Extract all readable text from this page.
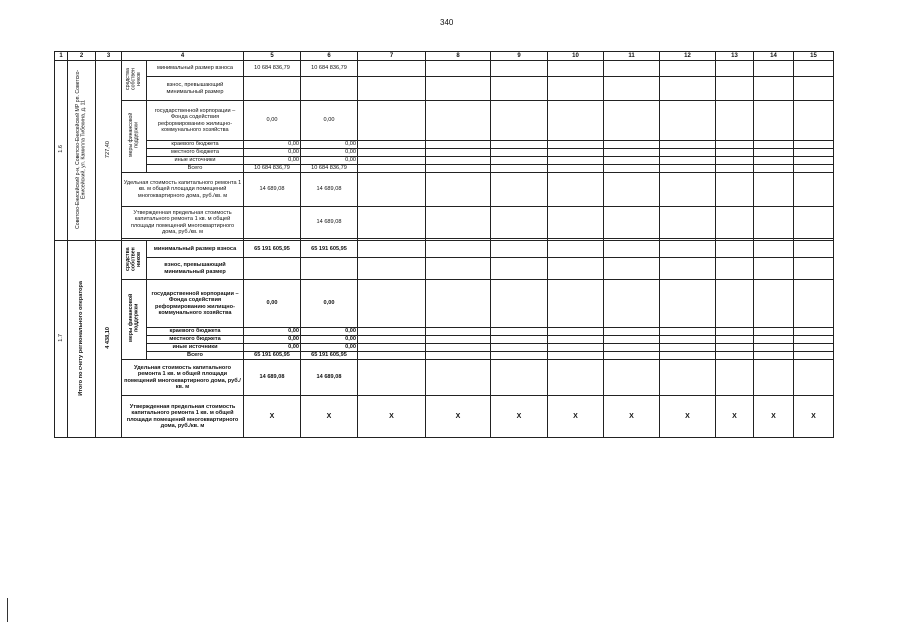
340
1	2	3	4		5	6	7	8	9	10	11	12	13	14	15
1.6	Советско-Енисейский р-н, Советско-Енисейский МР рп. Советско-Енисейский, ул. Камилла Тибекина, д. 11	727,40	средства собствен ников	минимальный размер взноса	10 684 836,79	10 684 836,79									
				взнос, превышающий минимальный размер											
			меры финансовой поддержки	государственной корпорации – Фонда содействия реформированию жилищно-коммунального хозяйства	0,00	0,00									
				краевого бюджета	0,00	0,00									
				местного бюджета	0,00	0,00									
				иные источники	0,00	0,00									
				Всего	10 684 836,79	10 684 836,79									
			Удельная стоимость капитального ремонта 1 кв. м общей площади помещений многоквартирного дома, руб./кв. м		14 689,08	14 689,08									
			Утвержденная предельная стоимость капитального ремонта 1 кв. м общей площади помещений многоквартирного дома, руб./кв. м			14 689,08									

1.7	Итого по счету регионального оператора	4 438,10	средства собствен ников	минимальный размер взноса	65 191 605,95	65 191 605,95									
				взнос, превышающий минимальный размер											
			меры финансовой поддержки	государственной корпорации – Фонда содействия реформированию жилищно-коммунального хозяйства	0,00	0,00									
				краевого бюджета	0,00	0,00									
				местного бюджета	0,00	0,00									
				иные источники	0,00	0,00									
				Всего	65 191 605,95	65 191 605,95									
			Удельная стоимость капитального ремонта 1 кв. м общей площади помещений многоквартирного дома, руб./кв. м		14 689,08	14 689,08									
			Утвержденная предельная стоимость капитального ремонта 1 кв. м общей площади помещений многоквартирного дома, руб./кв. м		X	X	X	X	X	X	X	X	X	X	X
